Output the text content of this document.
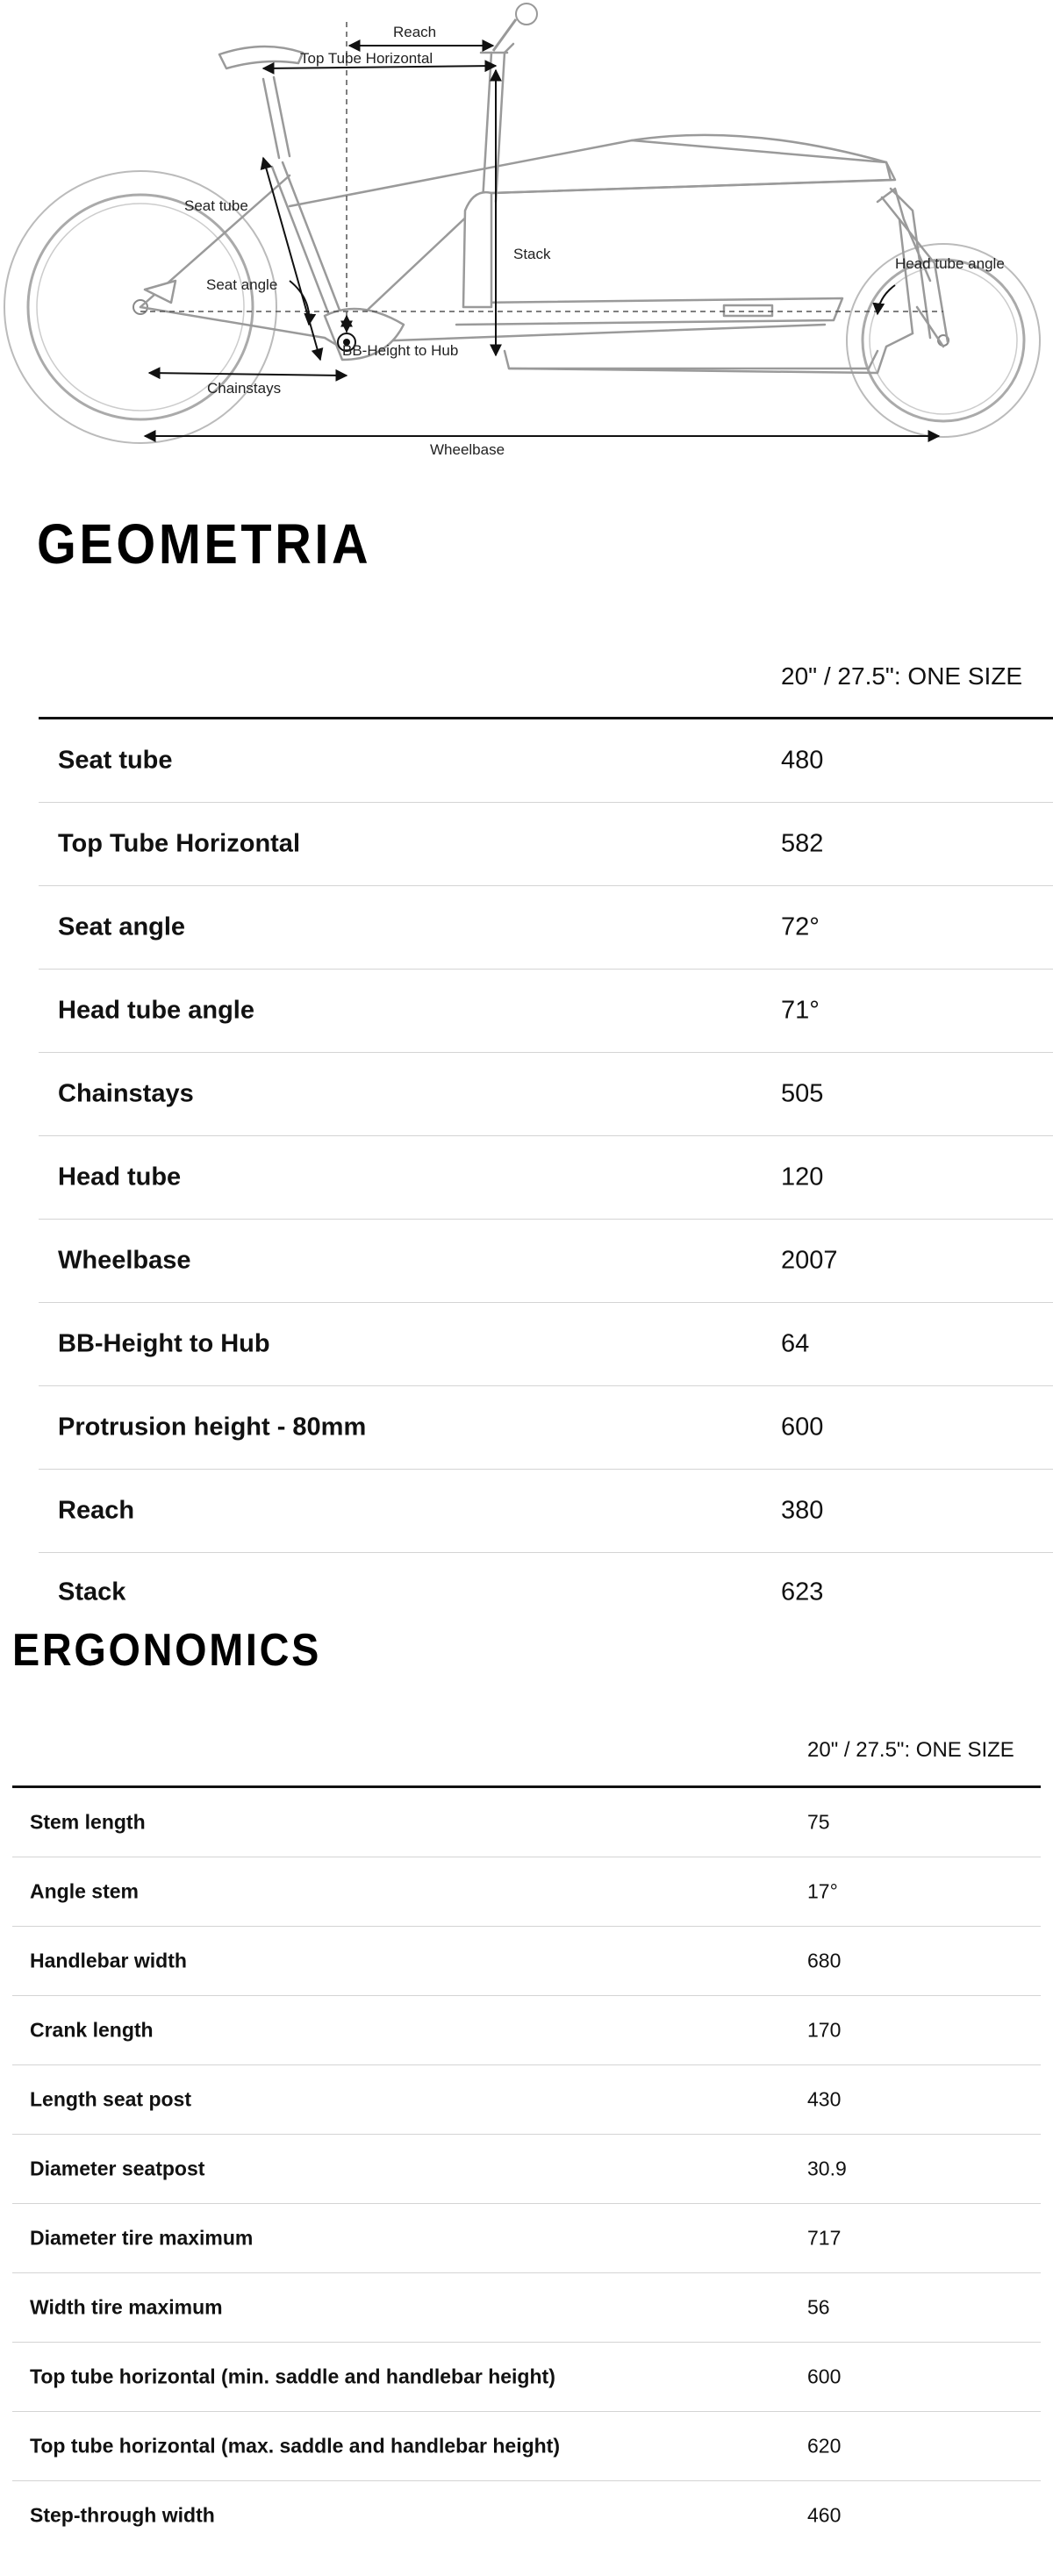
Reach
Top Tube Horizontal
Seat tube
Stack
Head tube angle
Seat angle
BB-Height to Hub
Chainstays
Wheelbase
GEOMETRIA
20" / 27.5": ONE SIZE
Seat tube	480
Top Tube Horizontal	582
Seat angle	72°
Head tube angle	71°
Chainstays	505
Head tube	120
Wheelbase	2007
BB-Height to Hub	64
Protrusion height - 80mm	600
Reach	380
Stack	623
ERGONOMICS
20" / 27.5": ONE SIZE
Stem length	75
Angle stem	17°
Handlebar width	680
Crank length	170
Length seat post	430
Diameter seatpost	30.9
Diameter tire maximum	717
Width tire maximum	56
Top tube horizontal (min. saddle and handlebar height)	600
Top tube horizontal (max. saddle and handlebar height)	620
Step-through width	460
